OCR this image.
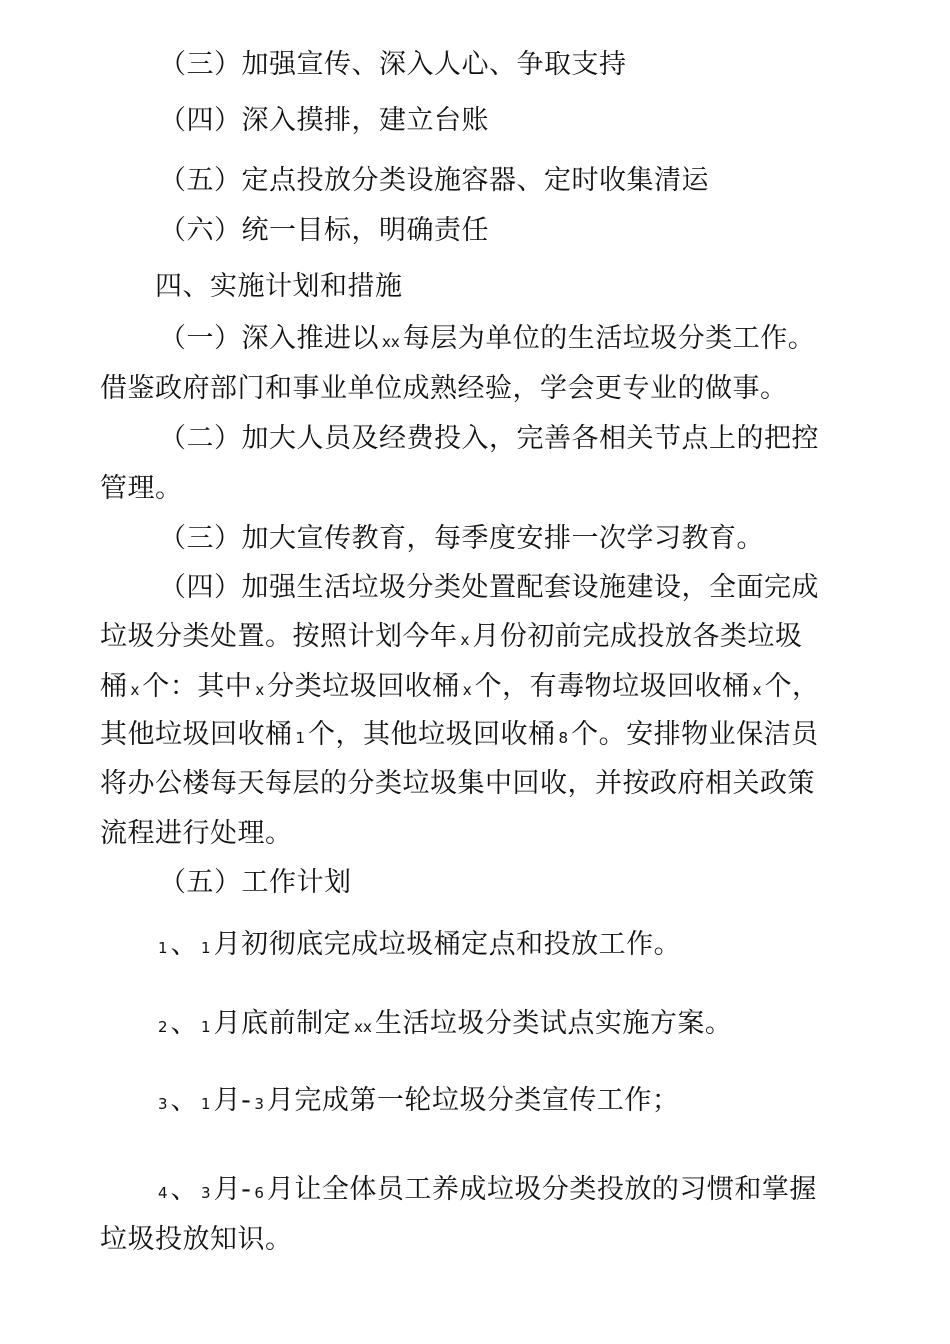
（三）加强宣传、深入人心、争取支持
（四）深入摸排，建立台账
（五）定点投放分类设施容器、定时收集清运
（六）统一目标，明确责任
四、实施计划和措施
（一）深入推进以 xx 每层为单位的生活垃圾分类工作。
借鉴政府部门和事业单位成熟经验，学会更专业的做事。
（二）加大人员及经费投入，完善各相关节点上的把控
管理。
（三）加大宣传教育，每季度安排一次学习教育。
（四）加强生活垃圾分类处置配套设施建设，全面完成
垃圾分类处置。按照计划今年 x 月份初前完成投放各类垃圾
桶x 个：其中 x 分类垃圾回收桶 x 个，有毒物垃圾回收桶 x 个，
其他垃圾回收桶 1 个，其他垃圾回收桶 8 个。安排物业保洁员
将办公楼每天每层的分类垃圾集中回收，并按政府相关政策
流程进行处理。
（五）工作计划
1 、 1 月初彻底完成垃圾桶定点和投放工作。
2 、 1 月底前制定 xx 生活垃圾分类试点实施方案。
3 、 1 月- 3 月完成第一轮垃圾分类宣传工作；
4 、 3 月- 6 月让全体员工养成垃圾分类投放的习惯和掌握
垃圾投放知识。
